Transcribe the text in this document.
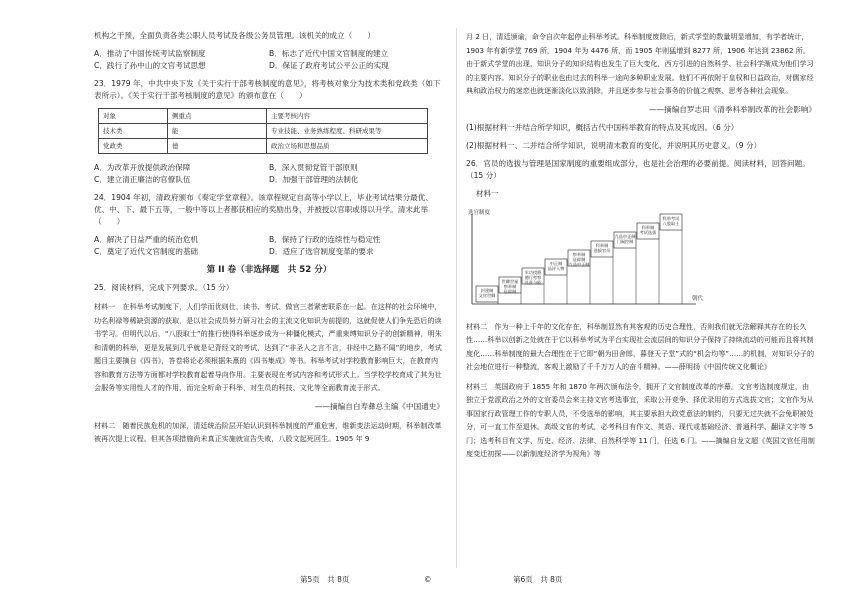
机构之干预，全面负责各类公职人员考试及各级公务员管理。该机关的成立（　　）

A．推动了中国传统考试监察制度	B．标志了近代中国文官制度的建立
C．践行了孙中山的文官考试思想	D．保证了政府考试公平公正的实现

23．1979 年，中共中央下发《关于实行干部考核制度的意见》，将考核对象分为技术类和党政类（如下表所示）。《关于实行干部考核制度的意见》的颁布意在（　　）

对象	侧重点	主要考核内容
技术类	能	专业技能、业务熟练程度、科研成果等
党政类	德	政治立场和思想品质
A．为改革开放提供政治保障	B．深入贯彻党管干部原则
C．建立清正廉洁的官僚队伍	D．加强干部管理的法制化

24．1904 年初，清政府颁布《奏定学堂章程》。该章程规定自高等小学以上，毕业考试结果分最优、优、中、下、最下五等，一般中等以上者都获相应的奖励出身，并被授以官职或得以升学。清末此举（　　）

A．解决了日益严重的统治危机	B．保持了行政的连续性与稳定性
C．奠定了近代文官制度的基础	D．适应了选官制度变革的要求
第 II 卷（非选择题　共 52 分）

25．阅读材料，完成下列要求。（15 分）

材料一　在科举考试制度下，人们学而优则仕，读书、考试、做官三者紧密联系在一起。在这样的社会环境中，功名利禄等稀缺资源的获取，是以社会成员努力研习社会的主流文化知识为前提的，这就促使人们争先恐后的读书学习。但明代以后，“八股取士”的推行使得科举逐步成为一种僵化模式，严重束缚知识分子的创新精神，明朱和清朝的科举，更是发展到几乎就是记背经文的考试，达到了“非圣人之言不言，非经中之路不闻”的地步，考试题目主要摘自《四书》，答卷将论必须根据朱熹的《四书集成》等书。科举考试对学校教育影响巨大，在教育内容和教育方法等方面都对学校教育起着导向作用。主要表现在考试内容和考试形式上。当学校学校育成了其为社会服务等实用性人才的作用，而完全听命于科举，对生员的科技、文化等全面教育流于形式。

——摘编自白寿彝总主编《中国通史》

材料二　随着民族危机的加深，清廷统治阶层开始认识到科举制度的严重危害，维新变法运动时期，科举制改革被再次提上议程。但其各项措施尚未真正实施就宣告失败，八股文起死回生。1905 年 9

月 2 日，清廷颁谕，命令自次年起停止科举考试。科举制度废除后，新式学堂的数量明显增加，有学者统计，1903 年有新学堂 769 所，1904 年为 4476 所，而 1905 年则猛增到 8277 所，1906 年达到 23862 所。由于新式学堂的出现，知识分子的知识结构也发生了巨大变化，西方引进的自然科学、社会科学渐成为他们学习的主要内容。知识分子的职业也由过去的科举一途向多种职业发展。他们不再依附于皇权和日益政治，对儒家经典和政治权力的迷恋也就逐渐淡化以致消除，并且逐步参与社会事务的价值之观察、思考各种社会现象。

——摘编自罗志田《清季科举制改革的社会影响》

(1)根据材料一并结合所学知识，概括古代中国科举教育的特点及其成因。（6 分）

(2)根据材料一、二并结合所学知识，说明清末教育的变化，并说明其历史意义。（9 分）

26．官员的选拔与管理是国家制度的重要组成部分，也是社会治理的必要前提。阅读材料，回答问题。（15 分）

材料一
选官制度
朝代
封建制
文官世卿
世卿世禄
察举制
征辟制
军功授爵
德行考察
选贤与能
中正制
品评人物
察举制
征辟制
九品中正制
科举制
选拔官员
九品中正制
门阀控制
科举制
考试选拔
科举考试
八股取士

材料二　作为一种上千年的文化存在，科举制显然有其客观的历史合理性，否则我们就无法解释其存在的长久性……科举以创新之处就在于它以科举考试为平台实现社会流层间的知识分子保持了持续流动的可能而且将其制度化……科举制度的最大合理性在于它即“朝为田舍郎，暮登天子堂”式的“机会均等”……的机制，对知识分子的社会地位进行一种整流，客观上激励了千千万万人的奋斗精神。——薛明扬《中国传统文化概论》

材料三　英国政府于 1855 年和 1870 年两次颁布法令，拥开了文官制度改革的序幕。文官考选制度规定，由独立于党派政治之外的文官委员会来主持文官考选事宜，采取公开竞争、择优录用的方式选拔文官；文官作为从事国家行政管理工作的专职人员，不受选举的影响，其主要承担大政党意法的制约，只要无过失就不会免职被处分，可一直工作至退休。高级文官的考试，必考科目有作文、英语、现代或基础经济、普通科学、翻译文字等 5 门；选考科目有文学、历史、经济、法律、自然科学等 11 门，任选 6 门。——摘编自龙文超《英国文官任用制度变迁初探——以新制度经济学为视角》等

第5页　共 8页	©	第6页　共 8页
